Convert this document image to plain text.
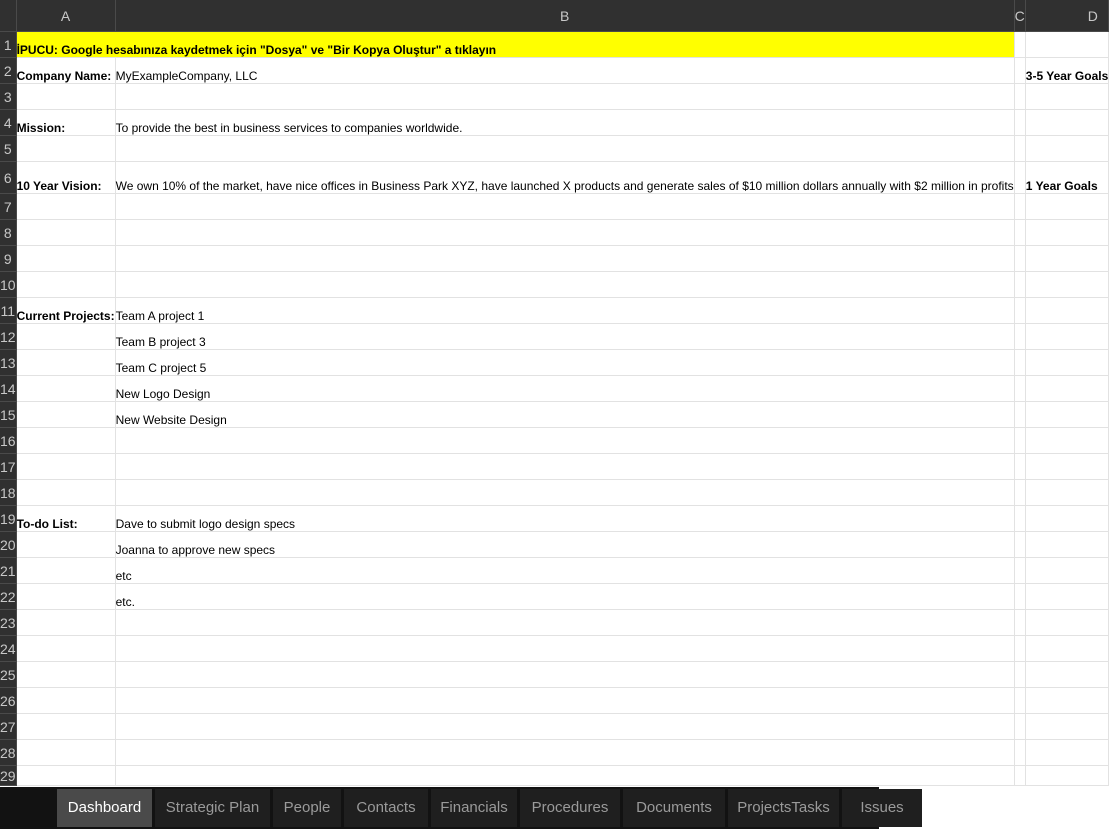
	A	B	C	D
1	İPUCU: Google hesabınıza kaydetmek için "Dosya" ve "Bir Kopya Oluştur" a tıklayın			
2	Company Name:	MyExampleCompany, LLC		3-5 Year Goals
3				
4	Mission:	To provide the best in business services to companies worldwide.		
5				
6	10 Year Vision:	We own 10% of the market, have nice offices in Business Park XYZ, have launched X products and generate sales of $10 million dollars annually with $2 million in profits		1 Year Goals
7				
8				
9				
10				
11	Current Projects:	Team A project 1		
12		Team B project 3		
13		Team C project 5		
14		New Logo Design		
15		New Website Design		
16				
17				
18				
19	To-do List:	Dave to submit logo design specs		
20		Joanna to approve new specs		
21		etc		
22		etc.		
23				
24				
25				
26				
27				
28				
29				
Dashboard	Strategic Plan	People	Contacts	Financials	Procedures	Documents	ProjectsTasks	Issues
